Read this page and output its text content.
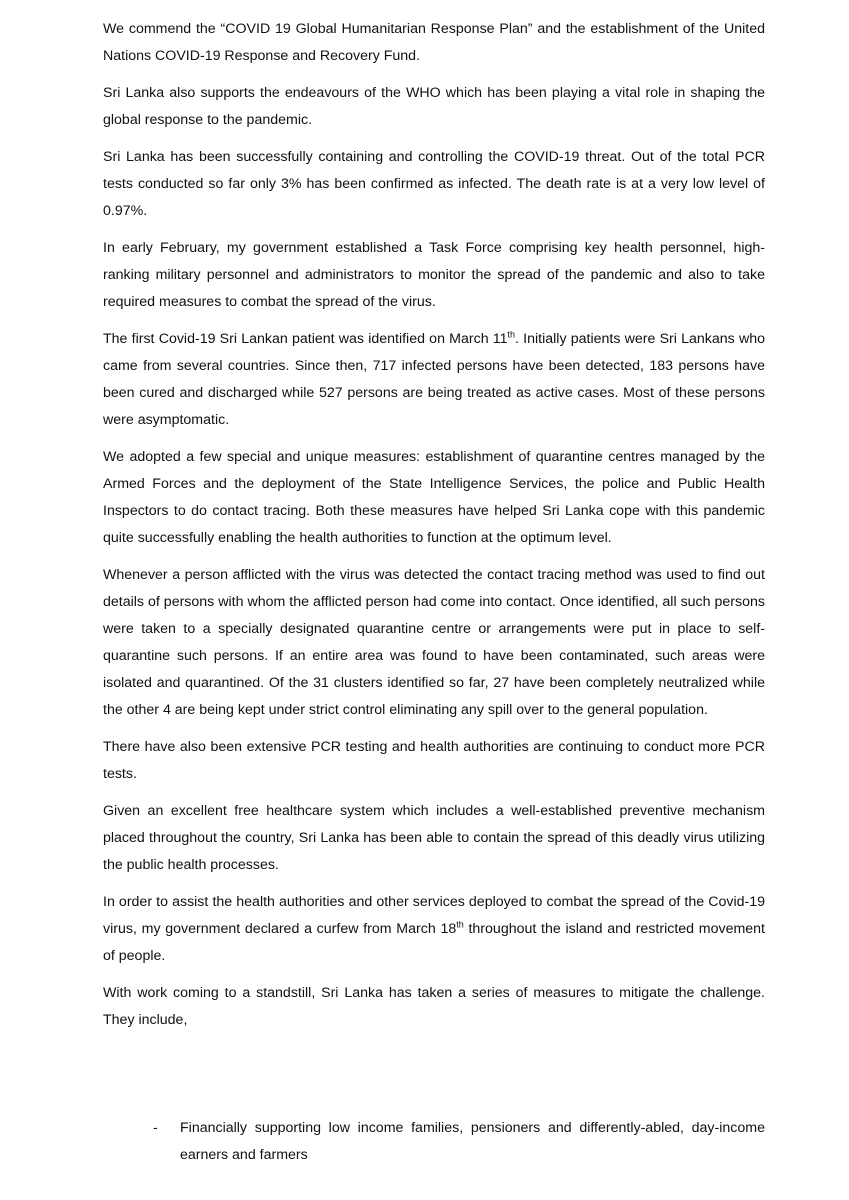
We commend the “COVID 19 Global Humanitarian Response Plan” and the establishment of the United Nations COVID-19 Response and Recovery Fund.

Sri Lanka also supports the endeavours of the WHO which has been playing a vital role in shaping the global response to the pandemic.

Sri Lanka has been successfully containing and controlling the COVID-19 threat. Out of the total PCR tests conducted so far only 3% has been confirmed as infected. The death rate is at a very low level of 0.97%.

In early February, my government established a Task Force comprising key health personnel, high-ranking military personnel and administrators to monitor the spread of the pandemic and also to take required measures to combat the spread of the virus.

The first Covid-19 Sri Lankan patient was identified on March 11th. Initially patients were Sri Lankans who came from several countries. Since then, 717 infected persons have been detected, 183 persons have been cured and discharged while 527 persons are being treated as active cases. Most of these persons were asymptomatic.

We adopted a few special and unique measures: establishment of quarantine centres managed by the Armed Forces and the deployment of the State Intelligence Services, the police and Public Health Inspectors to do contact tracing. Both these measures have helped Sri Lanka cope with this pandemic quite successfully enabling the health authorities to function at the optimum level.

Whenever a person afflicted with the virus was detected the contact tracing method was used to find out details of persons with whom the afflicted person had come into contact. Once identified, all such persons were taken to a specially designated quarantine centre or arrangements were put in place to self-quarantine such persons. If an entire area was found to have been contaminated, such areas were isolated and quarantined. Of the 31 clusters identified so far, 27 have been completely neutralized while the other 4 are being kept under strict control eliminating any spill over to the general population.

There have also been extensive PCR testing and health authorities are continuing to conduct more PCR tests.

Given an excellent free healthcare system which includes a well-established preventive mechanism placed throughout the country, Sri Lanka has been able to contain the spread of this deadly virus utilizing the public health processes.

In order to assist the health authorities and other services deployed to combat the spread of the Covid-19 virus, my government declared a curfew from March 18th throughout the island and restricted movement of people.

With work coming to a standstill, Sri Lanka has taken a series of measures to mitigate the challenge. They include,

- Financially supporting low income families, pensioners and differently-abled, day-income earners and farmers
